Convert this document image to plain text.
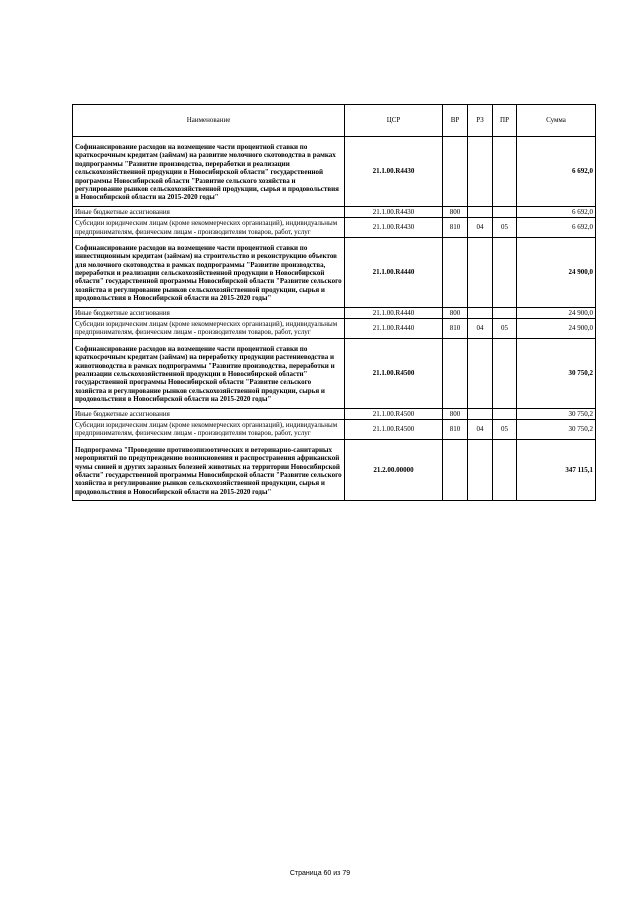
Наименование	ЦСР	ВР	РЗ	ПР	Сумма
Софинансирование расходов на возмещение части процентной ставки по краткосрочным кредитам (займам) на развитие молочного скотоводства в рамках подпрограммы "Развитие производства, переработки и реализации сельскохозяйственной продукции в Новосибирской области" государственной программы Новосибирской области "Развитие сельского хозяйства и регулирование рынков сельскохозяйственной продукции, сырья и продовольствия в Новосибирской области на 2015-2020 годы"	21.1.00.R4430				6 692,0
Иные бюджетные ассигнования	21.1.00.R4430	800			6 692,0
Субсидии юридическим лицам (кроме некоммерческих организаций), индивидуальным предпринимателям, физическим лицам - производителям товаров, работ, услуг	21.1.00.R4430	810	04	05	6 692,0
Софинансирование расходов на возмещение части процентной ставки по инвестиционным кредитам (займам) на строительство и реконструкцию объектов для молочного скотоводства в рамках подпрограммы "Развитие производства, переработки и реализации сельскохозяйственной продукции в Новосибирской области" государственной программы Новосибирской области "Развитие сельского хозяйства и регулирование рынков сельскохозяйственной продукции, сырья и продовольствия в Новосибирской области на 2015-2020 годы"	21.1.00.R4440				24 900,0
Иные бюджетные ассигнования	21.1.00.R4440	800			24 900,0
Субсидии юридическим лицам (кроме некоммерческих организаций), индивидуальным предпринимателям, физическим лицам - производителям товаров, работ, услуг	21.1.00.R4440	810	04	05	24 900,0
Софинансирование расходов на возмещение части процентной ставки по краткосрочным кредитам (займам) на переработку продукции растениеводства и животноводства в рамках подпрограммы "Развитие производства, переработки и реализации сельскохозяйственной продукции в Новосибирской области" государственной программы Новосибирской области "Развитие сельского хозяйства и регулирование рынков сельскохозяйственной продукции, сырья и продовольствия в Новосибирской области на 2015-2020 годы"	21.1.00.R4500				30 750,2
Иные бюджетные ассигнования	21.1.00.R4500	800			30 750,2
Субсидии юридическим лицам (кроме некоммерческих организаций), индивидуальным предпринимателям, физическим лицам - производителям товаров, работ, услуг	21.1.00.R4500	810	04	05	30 750,2
Подпрограмма "Проведение противоэпизоотических и ветеринарно-санитарных мероприятий по предупреждению возникновения и распространения африканской чумы свиней и других заразных болезней животных на территории Новосибирской области" государственной программы Новосибирской области "Развитие сельского хозяйства и регулирование рынков сельскохозяйственной продукции, сырья и продовольствия в Новосибирской области на 2015-2020 годы"	21.2.00.00000				347 115,1
Страница 60 из 79
